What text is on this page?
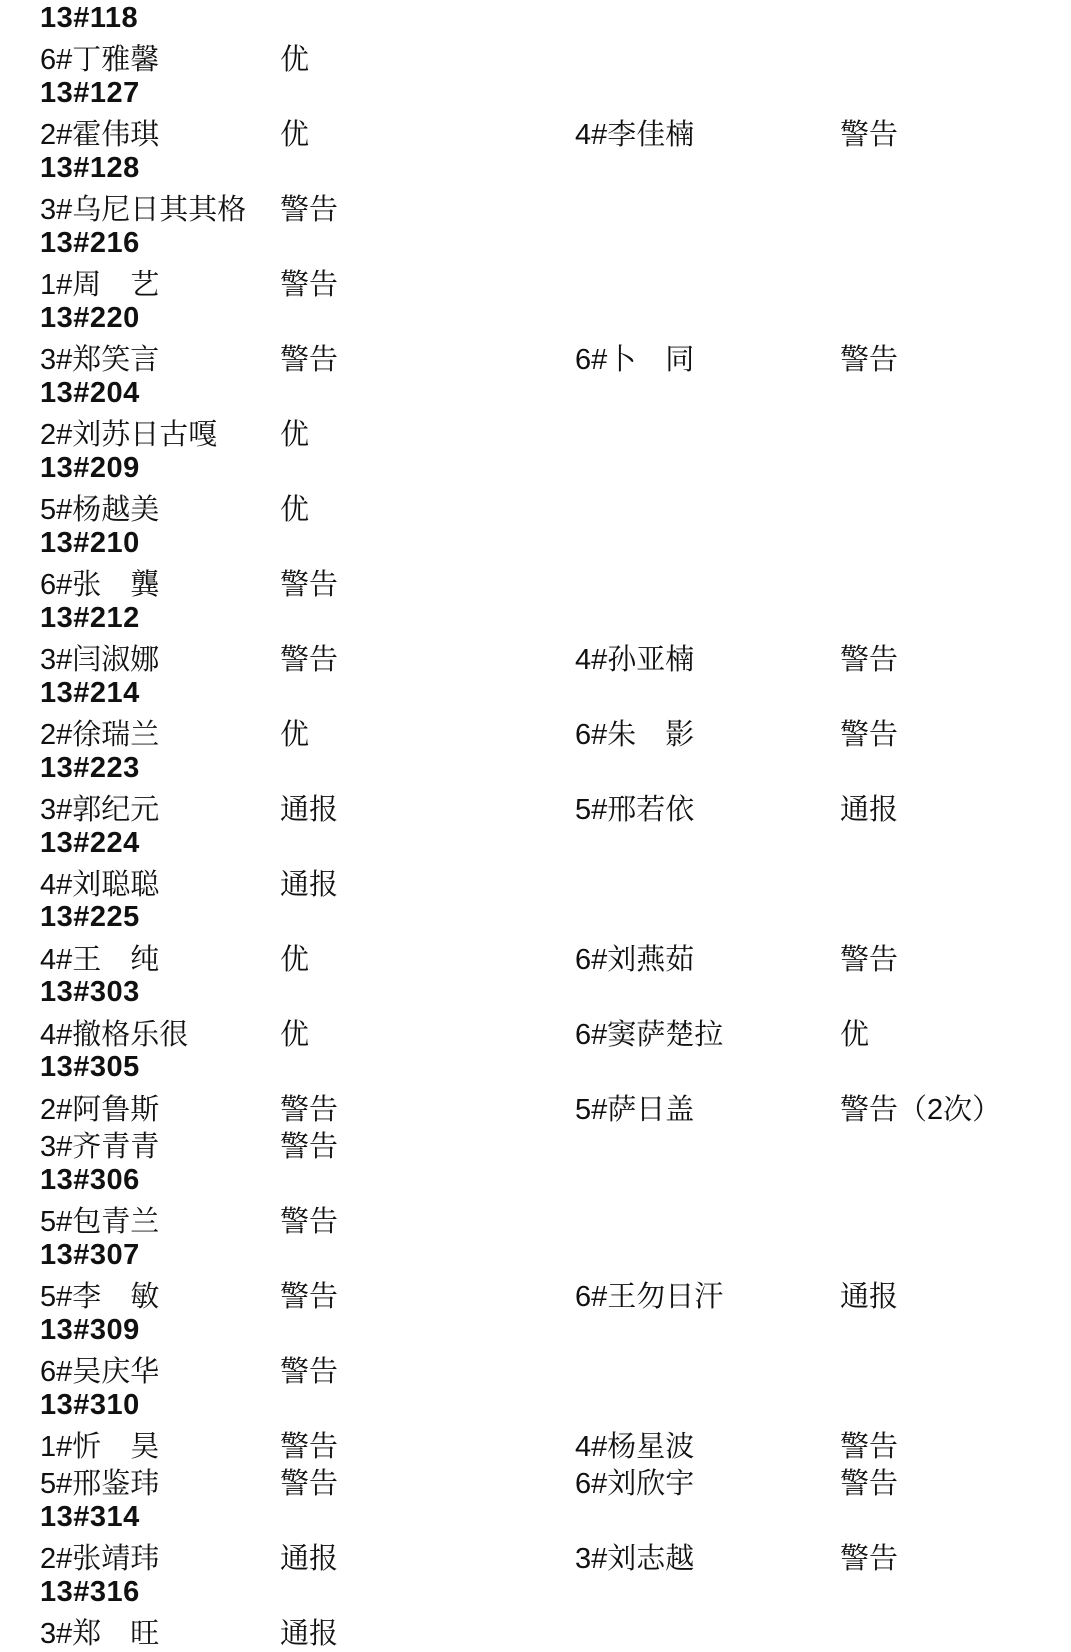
13#118
6#丁雅馨	优
13#127
2#霍伟琪	优	4#李佳楠	警告
13#128
3#乌尼日其其格	警告
13#216
1#周　艺	警告
13#220
3#郑笑言	警告	6#卜　同	警告
13#204
2#刘苏日古嘎	优
13#209
5#杨越美	优
13#210
6#张　龔	警告
13#212
3#闫淑娜	警告	4#孙亚楠	警告
13#214
2#徐瑞兰	优	6#朱　影	警告
13#223
3#郭纪元	通报	5#邢若依	通报
13#224
4#刘聪聪	通报
13#225
4#王　纯	优	6#刘燕茹	警告
13#303
4#撤格乐很	优	6#窦萨楚拉	优
13#305
2#阿鲁斯	警告	5#萨日盖	警告（2次）
3#齐青青	警告
13#306
5#包青兰	警告
13#307
5#李　敏	警告	6#王勿日汗	通报
13#309
6#吴庆华	警告
13#310
1#忻　昊	警告	4#杨星波	警告
5#邢鉴玮	警告	6#刘欣宇	警告
13#314
2#张靖玮	通报	3#刘志越	警告
13#316
3#郑　旺	通报
